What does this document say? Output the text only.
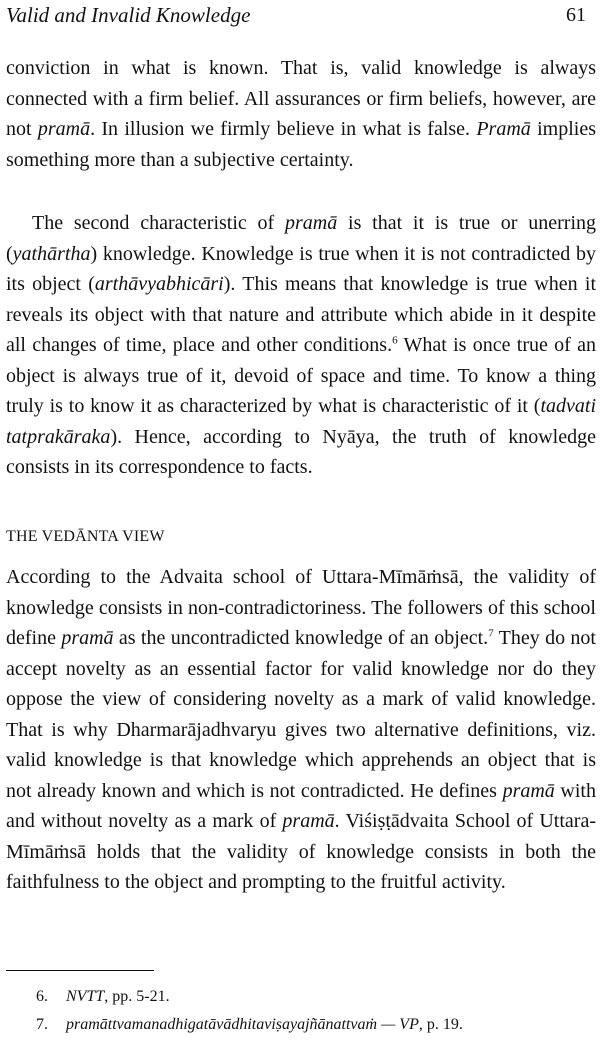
Valid and Invalid Knowledge	61

conviction in what is known. That is, valid knowledge is always connected with a firm belief. All assurances or firm beliefs, however, are not pramā. In illusion we firmly believe in what is false. Pramā implies something more than a subjective certainty.

The second characteristic of pramā is that it is true or unerring (yathārtha) knowledge. Knowledge is true when it is not contradicted by its object (arthāvyabhicāri). This means that knowledge is true when it reveals its object with that nature and attribute which abide in it despite all changes of time, place and other conditions.$^6$ What is once true of an object is always true of it, devoid of space and time. To know a thing truly is to know it as characterized by what is characteristic of it (tadvati tatprakāraka). Hence, according to Nyāya, the truth of knowledge consists in its correspondence to facts.

THE VEDĀNTA VIEW

According to the Advaita school of Uttara-Mīmāṁsā, the validity of knowledge consists in non-contradictoriness. The followers of this school define pramā as the uncontradicted knowledge of an object.$^7$ They do not accept novelty as an essential factor for valid knowledge nor do they oppose the view of considering novelty as a mark of valid knowledge. That is why Dharmarājadhvaryu gives two alternative definitions, viz. valid knowledge is that knowledge which apprehends an object that is not already known and which is not contradicted. He defines pramā with and without novelty as a mark of pramā. Viśiṣṭādvaita School of Uttara-Mīmāṁsā holds that the validity of knowledge consists in both the faithfulness to the object and prompting to the fruitful activity.

6. NVTT, pp. 5-21.
7. pramāttvamanadhigatāvādhitaviṣayajñānattvaṁ — VP, p. 19.
